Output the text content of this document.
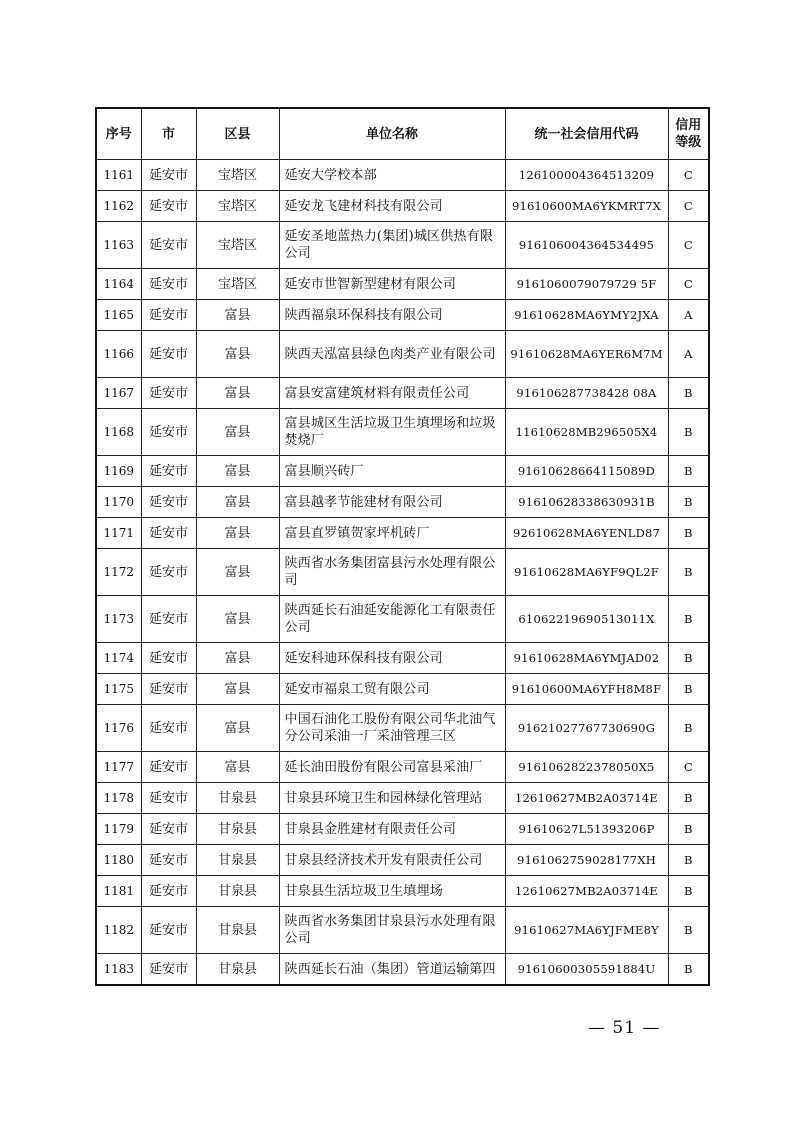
序号	市	区县	单位名称	统一社会信用代码	信用
等级

1161	延安市	宝塔区	延安大学校本部	126100004364513209	C
1162	延安市	宝塔区	延安龙飞建材科技有限公司	91610600MA6YKMRT7X	C
1163	延安市	宝塔区	延安圣地蓝热力(集团)城区供热有限公司	916106004364534495	C
1164	延安市	宝塔区	延安市世智新型建材有限公司	9161060079079729 5F	C
1165	延安市	富县	陕西福泉环保科技有限公司	91610628MA6YMY2JXA	A
1166	延安市	富县	陕西天泓富县绿色肉类产业有限公司	91610628MA6YER6M7M	A
1167	延安市	富县	富县安富建筑材料有限责任公司	916106287738428 08A	B
1168	延安市	富县	富县城区生活垃圾卫生填埋场和垃圾焚烧厂	11610628MB296505X4	B
1169	延安市	富县	富县顺兴砖厂	91610628664115089D	B
1170	延安市	富县	富县越孝节能建材有限公司	91610628338630931B	B
1171	延安市	富县	富县直罗镇贺家坪机砖厂	92610628MA6YENLD87	B
1172	延安市	富县	陕西省水务集团富县污水处理有限公司	91610628MA6YF9QL2F	B
1173	延安市	富县	陕西延长石油延安能源化工有限责任公司	61062219690513011X	B
1174	延安市	富县	延安科迪环保科技有限公司	91610628MA6YMJAD02	B
1175	延安市	富县	延安市福泉工贸有限公司	91610600MA6YFH8M8F	B
1176	延安市	富县	中国石油化工股份有限公司华北油气分公司采油一厂采油管理三区	91621027767730690G	B
1177	延安市	富县	延长油田股份有限公司富县采油厂	9161062822378050X5	C
1178	延安市	甘泉县	甘泉县环境卫生和园林绿化管理站	12610627MB2A03714E	B
1179	延安市	甘泉县	甘泉县金胜建材有限责任公司	91610627L51393206P	B
1180	延安市	甘泉县	甘泉县经济技术开发有限责任公司	9161062759028177XH	B
1181	延安市	甘泉县	甘泉县生活垃圾卫生填埋场	12610627MB2A03714E	B
1182	延安市	甘泉县	陕西省水务集团甘泉县污水处理有限公司	91610627MA6YJFME8Y	B
1183	延安市	甘泉县	陕西延长石油（集团）管道运输第四	91610600305591884U	B
— 51 —
